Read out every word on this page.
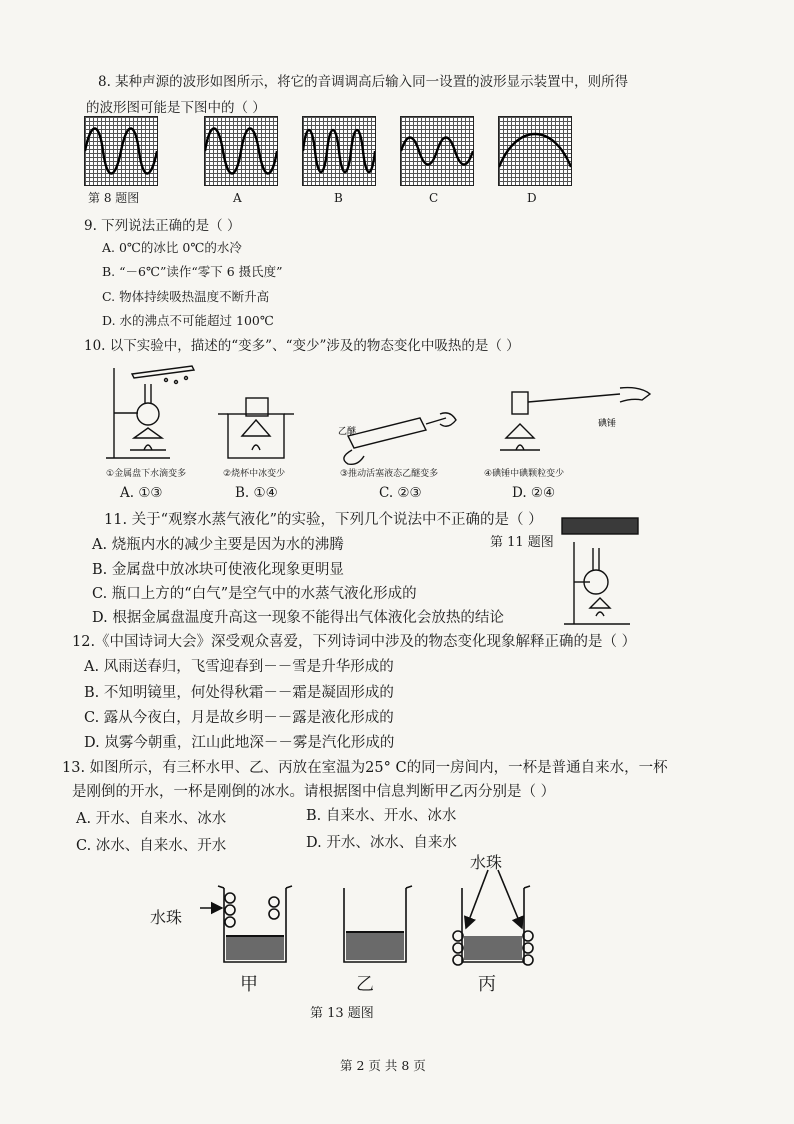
8. 某种声源的波形如图所示，将它的音调调高后输入同一设置的波形显示装置中，则所得
的波形图可能是下图中的（ ）
第 8 题图	A	B	C	D
9. 下列说法正确的是（ ）
A. 0℃的冰比 0℃的水冷
B. “－6℃”读作“零下 6 摄氏度”
C. 物体持续吸热温度不断升高
D. 水的沸点不可能超过 100℃
10. 以下实验中，描述的“变多”、“变少”涉及的物态变化中吸热的是（ ）
乙醚
碘锤
①金属盘下水滴变多	②烧杯中冰变少	③推动活塞液态乙醚变多	④碘锤中碘颗粒变少
A. ①③	B. ①④	C. ②③	D. ②④
11. 关于“观察水蒸气液化”的实验，下列几个说法中不正确的是（ ）
第 11 题图
A. 烧瓶内水的减少主要是因为水的沸腾
B. 金属盘中放冰块可使液化现象更明显
C. 瓶口上方的“白气”是空气中的水蒸气液化形成的
D. 根据金属盘温度升高这一现象不能得出气体液化会放热的结论
12.《中国诗词大会》深受观众喜爱，下列诗词中涉及的物态变化现象解释正确的是（ ）
A. 风雨送春归，飞雪迎春到－－雪是升华形成的
B. 不知明镜里，何处得秋霜－－霜是凝固形成的
C. 露从今夜白，月是故乡明－－露是液化形成的
D. 岚雾今朝重，江山此地深－－雾是汽化形成的
13. 如图所示，有三杯水甲、乙、丙放在室温为25° C的同一房间内，一杯是普通自来水，一杯
是刚倒的开水，一杯是刚倒的冰水。请根据图中信息判断甲乙丙分别是（ ）
A. 开水、自来水、冰水	B. 自来水、开水、冰水
C. 冰水、自来水、开水	D. 开水、冰水、自来水
水珠
水珠
甲	乙	丙
第 13 题图
第 2 页 共 8 页
